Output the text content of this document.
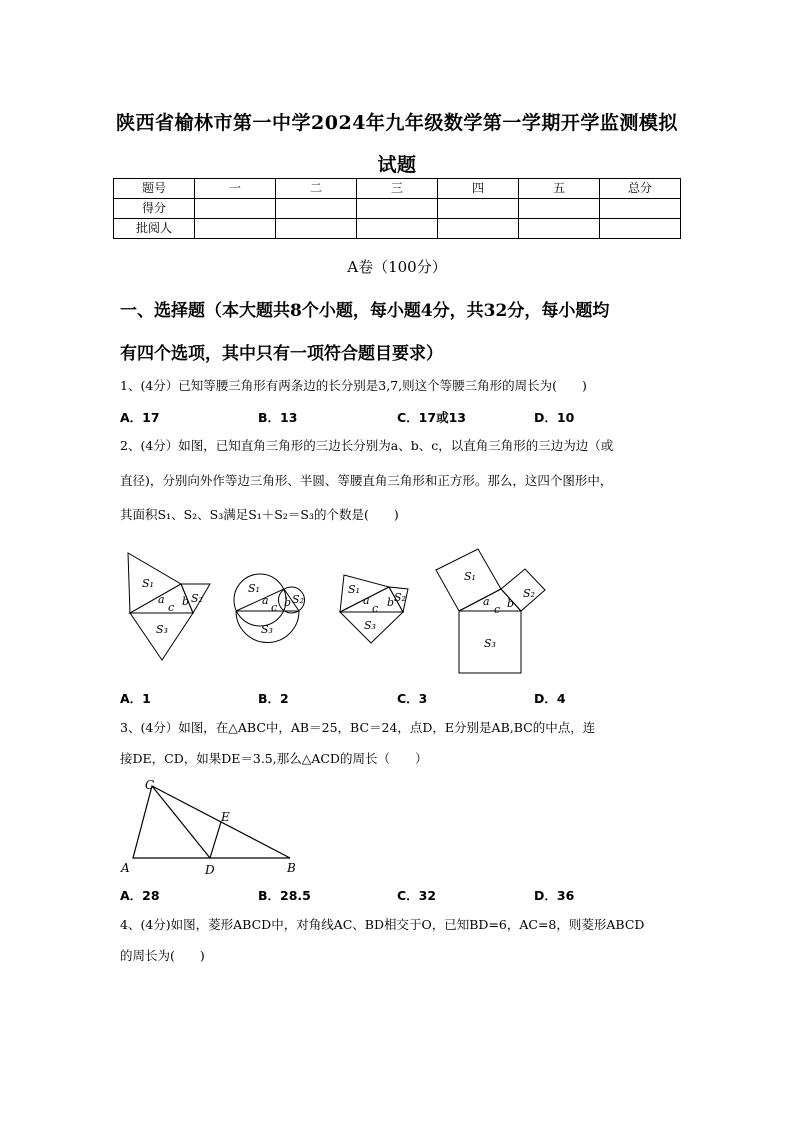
陕西省榆林市第一中学2024年九年级数学第一学期开学监测模拟
试题
题号	一	二	三	四	五	总分
得分						
批阅人						
A卷（100分）
一、选择题（本大题共8个小题，每小题4分，共32分，每小题均
有四个选项，其中只有一项符合题目要求）
1、(4分）已知等腰三角形有两条边的长分别是3,7,则这个等腰三角形的周长为(　　)
A．17	B．13	C．17或13	D．10
2、(4分）如图，已知直角三角形的三边长分别为a、b、c，以直角三角形的三边为边（或
直径)，分别向外作等边三角形、半圆、等腰直角三角形和正方形。那么，这四个图形中，
其面积S₁、S₂、S₃满足S₁＋S₂＝S₃的个数是(　　)
S₁
S₂
S₃
a b
c
S₁
S₂
S₃
a b
c
S₁
S₂
S₃
a b
c
S₁
S₂
S₃
a b
c
A．1	B．2	C．3	D．4
3、(4分）如图，在△ABC中，AB＝25，BC＝24，点D，E分别是AB,BC的中点，连
接DE，CD，如果DE＝3.5,那么△ACD的周长（　　）
C
E
A	D	B
A．28	B．28.5	C．32	D．36
4、(4分)如图，菱形ABCD中，对角线AC、BD相交于O，已知BD=6，AC=8，则菱形ABCD
的周长为(　　)
